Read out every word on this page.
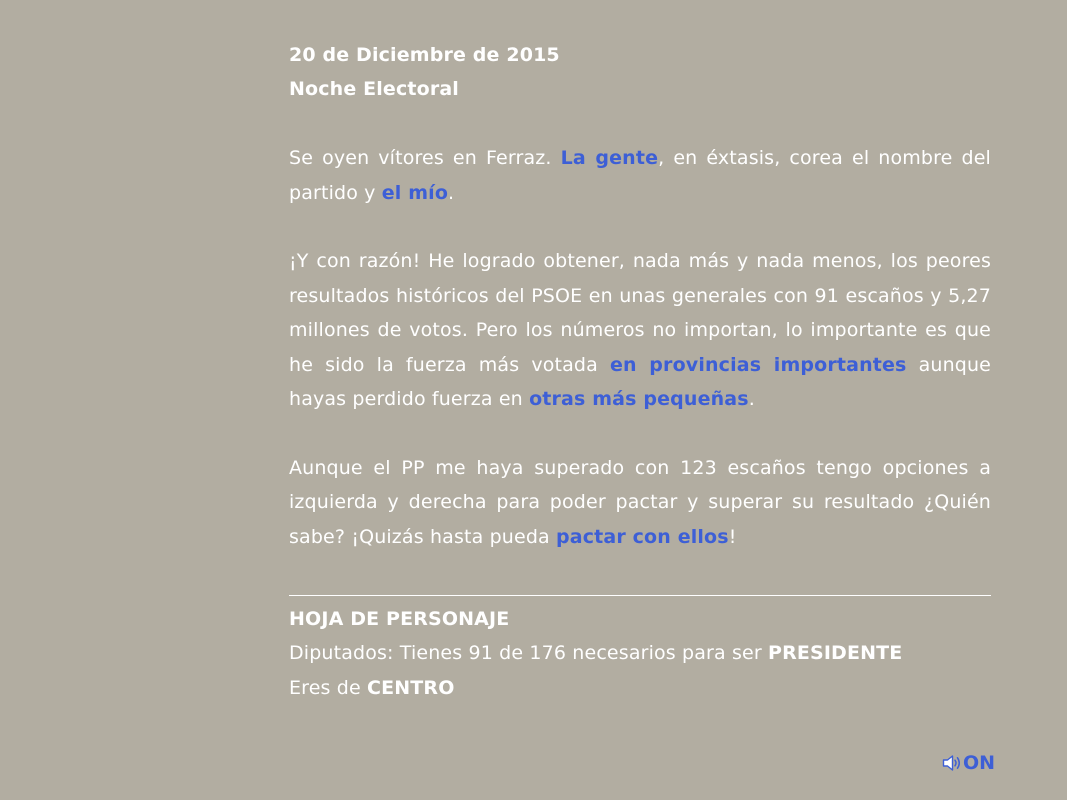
20 de Diciembre de 2015

Noche Electoral

Se oyen vítores en Ferraz. La gente, en éxtasis, corea el nombre del partido y el mío.

¡Y con razón! He logrado obtener, nada más y nada menos, los peores resultados históricos del PSOE en unas generales con 91 escaños y 5,27 millones de votos. Pero los números no importan, lo importante es que he sido la fuerza más votada en provincias importantes aunque hayas perdido fuerza en otras más pequeñas.

Aunque el PP me haya superado con 123 escaños tengo opciones a izquierda y derecha para poder pactar y superar su resultado ¿Quién sabe? ¡Quizás hasta pueda pactar con ellos!

HOJA DE PERSONAJE

Diputados: Tienes 91 de 176 necesarios para ser PRESIDENTE

Eres de CENTRO

ON
